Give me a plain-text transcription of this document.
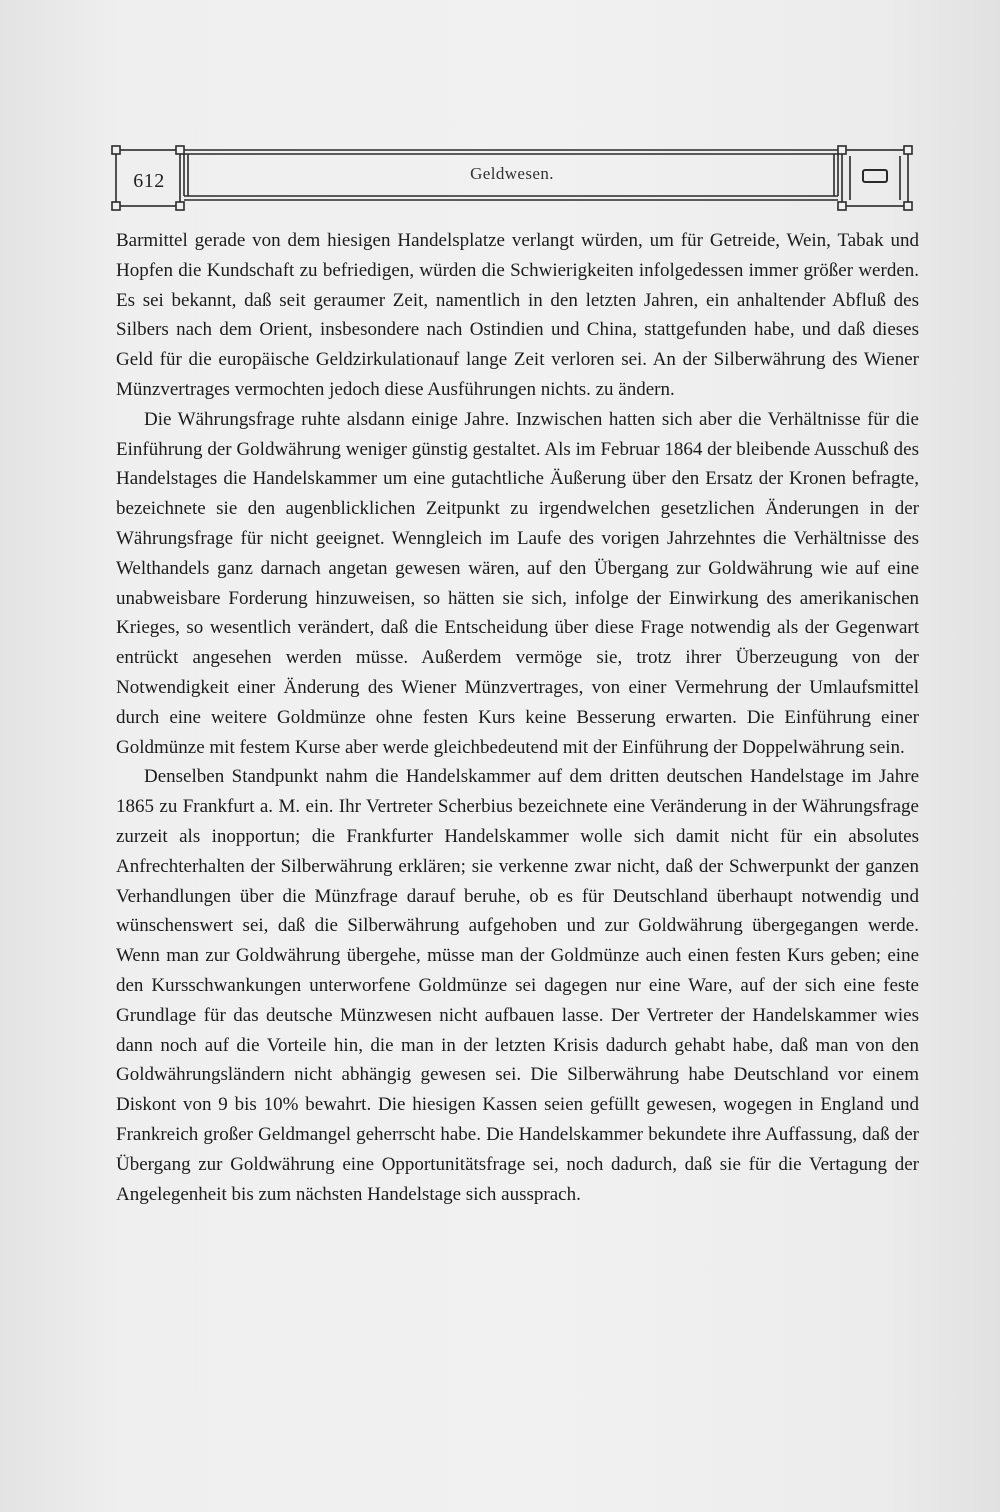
612	Geldwesen.

Barmittel gerade von dem hiesigen Handelsplatze verlangt würden, um für Getreide, Wein, Tabak und Hopfen die Kundschaft zu befriedigen, würden die Schwierigkeiten infolgedessen immer größer werden. Es sei bekannt, daß seit geraumer Zeit, namentlich in den letzten Jahren, ein anhaltender Abfluß des Silbers nach dem Orient, insbesondere nach Ostindien und China, stattgefunden habe, und daß dieses Geld für die europäische Geldzirkulationauf lange Zeit verloren sei. An der Silberwährung des Wiener Münzvertrages vermochten jedoch diese Ausführungen nichts. zu ändern.

Die Währungsfrage ruhte alsdann einige Jahre. Inzwischen hatten sich aber die Verhältnisse für die Einführung der Goldwährung weniger günstig gestaltet. Als im Februar 1864 der bleibende Ausschuß des Handelstages die Handelskammer um eine gutachtliche Äußerung über den Ersatz der Kronen befragte, bezeichnete sie den augenblicklichen Zeitpunkt zu irgendwelchen gesetzlichen Änderungen in der Währungsfrage für nicht geeignet. Wenngleich im Laufe des vorigen Jahrzehntes die Verhältnisse des Welthandels ganz darnach angetan gewesen wären, auf den Übergang zur Goldwährung wie auf eine unabweisbare Forderung hinzuweisen, so hätten sie sich, infolge der Einwirkung des amerikanischen Krieges, so wesentlich verändert, daß die Entscheidung über diese Frage notwendig als der Gegenwart entrückt angesehen werden müsse. Außerdem vermöge sie, trotz ihrer Überzeugung von der Notwendigkeit einer Änderung des Wiener Münzvertrages, von einer Vermehrung der Umlaufsmittel durch eine weitere Goldmünze ohne festen Kurs keine Besserung erwarten. Die Einführung einer Goldmünze mit festem Kurse aber werde gleichbedeutend mit der Einführung der Doppelwährung sein.

Denselben Standpunkt nahm die Handelskammer auf dem dritten deutschen Handelstage im Jahre 1865 zu Frankfurt a. M. ein. Ihr Vertreter Scherbius bezeichnete eine Veränderung in der Währungsfrage zurzeit als inopportun; die Frankfurter Handelskammer wolle sich damit nicht für ein absolutes Anfrechterhalten der Silberwährung erklären; sie verkenne zwar nicht, daß der Schwerpunkt der ganzen Verhandlungen über die Münzfrage darauf beruhe, ob es für Deutschland überhaupt notwendig und wünschenswert sei, daß die Silberwährung aufgehoben und zur Goldwährung übergegangen werde. Wenn man zur Goldwährung übergehe, müsse man der Goldmünze auch einen festen Kurs geben; eine den Kursschwankungen unterworfene Goldmünze sei dagegen nur eine Ware, auf der sich eine feste Grundlage für das deutsche Münzwesen nicht aufbauen lasse. Der Vertreter der Handelskammer wies dann noch auf die Vorteile hin, die man in der letzten Krisis dadurch gehabt habe, daß man von den Goldwährungsländern nicht abhängig gewesen sei. Die Silberwährung habe Deutschland vor einem Diskont von 9 bis 10% bewahrt. Die hiesigen Kassen seien gefüllt gewesen, wogegen in England und Frankreich großer Geldmangel geherrscht habe. Die Handelskammer bekundete ihre Auffassung, daß der Übergang zur Goldwährung eine Opportunitätsfrage sei, noch dadurch, daß sie für die Vertagung der Angelegenheit bis zum nächsten Handelstage sich aussprach.
